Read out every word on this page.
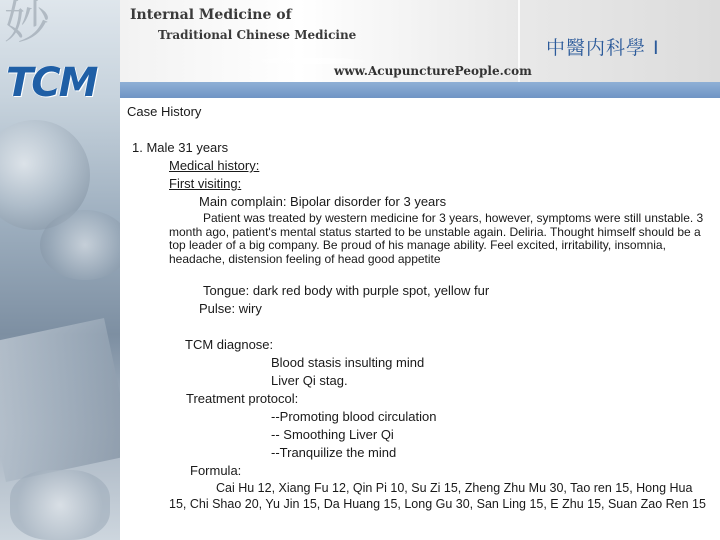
妙
TCM
Internal Medicine of
Traditional Chinese Medicine
www.AcupuncturePeople.com
中醫内科學 I
Case History
1. Male 31 years
Medical history:
First visiting:
Main complain: Bipolar disorder for 3 years
Patient was treated by western medicine for 3 years, however, symptoms were still unstable. 3 month ago, patient's mental status started to be unstable again. Deliria. Thought himself should be a top leader of a big company. Be proud of his manage ability. Feel excited, irritability, insomnia, headache, distension feeling of head good appetite
Tongue: dark red body with purple spot, yellow fur
Pulse: wiry
TCM diagnose:
Blood stasis insulting mind
Liver Qi stag.
Treatment protocol:
--Promoting blood circulation
-- Smoothing Liver Qi
--Tranquilize the mind
Formula:
Cai Hu 12, Xiang Fu 12, Qin Pi 10, Su Zi 15, Zheng Zhu Mu 30, Tao ren 15, Hong Hua 15, Chi Shao 20, Yu Jin 15, Da Huang 15, Long Gu 30, San Ling 15, E Zhu 15, Suan Zao Ren 15
